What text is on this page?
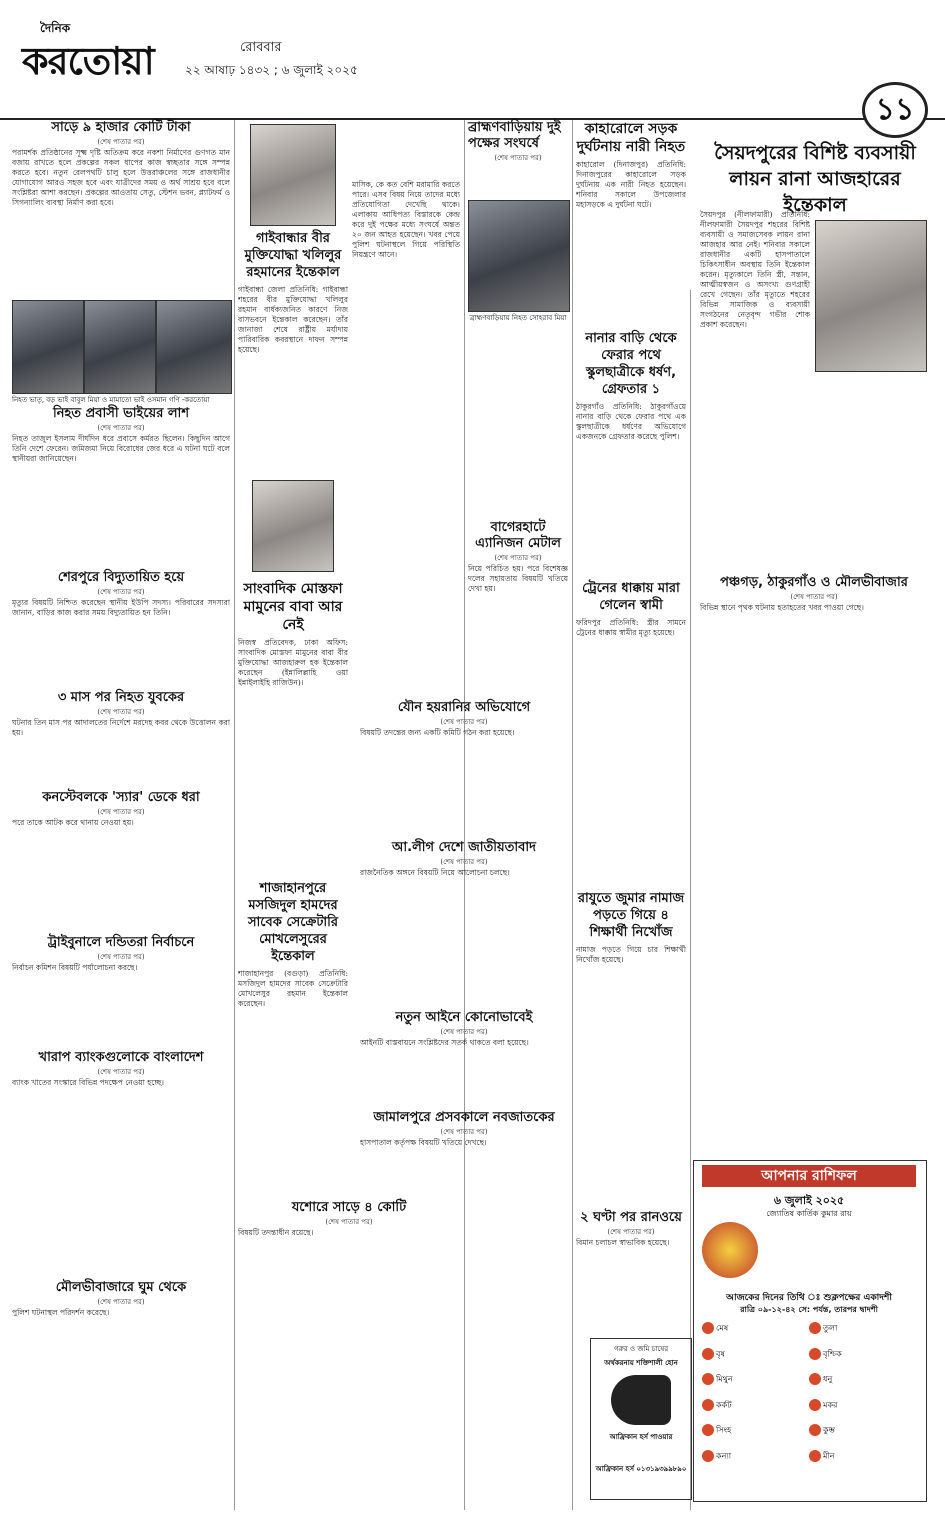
দৈনিক
করতোয়া	রোববার
২২ আষাঢ় ১৪৩২ ; ৬ জুলাই ২০২৫
১১
সাড়ে ৯ হাজার কোটি টাকা
(শেষ পাতার পর)
পরামর্শক প্রতিষ্ঠানের সূক্ষ্ম দৃষ্টি অতিক্রম করে নকশা নির্মাণের গুণগত মান বজায় রাখতে হলে প্রকল্পের সকল ধাপের কাজ স্বচ্ছতার সঙ্গে সম্পন্ন করতে হবে। নতুন রেলপথটি চালু হলে উত্তরাঞ্চলের সঙ্গে রাজধানীর যোগাযোগ আরও সহজ হবে এবং যাত্রীদের সময় ও অর্থ সাশ্রয় হবে বলে সংশ্লিষ্টরা আশা করছেন। প্রকল্পের আওতায় সেতু, স্টেশন ভবন, প্ল্যাটফর্ম ও সিগন্যালিং ব্যবস্থা নির্মাণ করা হবে।
নিহত ভাতৃ, বড় ভাই বাবুল মিয়া ও মামাতো ভাই ওসমান গণি -করতোয়া
নিহত প্রবাসী ভাইয়ের লাশ
(শেষ পাতার পর)
নিহত তাজুল ইসলাম দীর্ঘদিন ধরে প্রবাসে কর্মরত ছিলেন। কিছুদিন আগে তিনি দেশে ফেরেন। জমিজমা নিয়ে বিরোধের জের ধরে এ ঘটনা ঘটে বলে স্থানীয়রা জানিয়েছেন।
শেরপুরে বিদ্যুতায়িত হয়ে
(শেষ পাতার পর)
মৃত্যুর বিষয়টি নিশ্চিত করেছেন স্থানীয় ইউপি সদস্য। পরিবারের সদস্যরা জানান, বাড়ির কাজ করার সময় বিদ্যুতায়িত হন তিনি।
৩ মাস পর নিহত যুবকের
(শেষ পাতার পর)
ঘটনার তিন মাস পর আদালতের নির্দেশে মরদেহ কবর থেকে উত্তোলন করা হয়।
কনস্টেবলকে 'স্যার' ডেকে ধরা
(শেষ পাতার পর)
পরে তাকে আটক করে থানায় নেওয়া হয়।
ট্রাইবুনালে দন্ডিতরা নির্বাচনে
(শেষ পাতার পর)
নির্বাচন কমিশন বিষয়টি পর্যালোচনা করছে।
খারাপ ব্যাংকগুলোকে বাংলাদেশ
(শেষ পাতার পর)
ব্যাংক খাতের সংস্কারে বিভিন্ন পদক্ষেপ নেওয়া হচ্ছে।
মৌলভীবাজারে ঘুম থেকে
(শেষ পাতার পর)
পুলিশ ঘটনাস্থল পরিদর্শন করেছে।
গাইবান্ধার বীর মুক্তিযোদ্ধা খলিলুর রহমানের ইন্তেকাল
গাইবান্ধা জেলা প্রতিনিধি: গাইবান্ধা শহরের বীর মুক্তিযোদ্ধা খলিলুর রহমান বার্ধক্যজনিত কারণে নিজ বাসভবনে ইন্তেকাল করেছেন। তাঁর জানাজা শেষে রাষ্ট্রীয় মর্যাদায় পারিবারিক কবরস্থানে দাফন সম্পন্ন হয়েছে।
সাংবাদিক মোস্তফা মামুনের বাবা আর নেই
নিজস্ব প্রতিবেদক, ঢাকা অফিস: সাংবাদিক মোস্তফা মামুনের বাবা বীর মুক্তিযোদ্ধা আজহারুল হক ইন্তেকাল করেছেন (ইন্নালিল্লাহি ওয়া ইন্নাইলাইহি রাজিউন)।
শাজাহানপুরে মসজিদুল হামদের সাবেক সেক্রেটারি মোখলেসুরের ইন্তেকাল
শাজাহানপুর (বগুড়া) প্রতিনিধি: মসজিদুল হামদের সাবেক সেক্রেটারি মোখলেসুর রহমান ইন্তেকাল করেছেন।
মাসিক, কে কত বেশি মরামারি করতে পারে। এসব বিষয় নিয়ে তাদের মধ্যে প্রতিযোগিতা দেখেছি থাকে। এলাকায় আধিপত্য বিস্তারকে কেন্দ্র করে দুই পক্ষের মধ্যে সংঘর্ষে অন্তত ২০ জন আহত হয়েছেন। খবর পেয়ে পুলিশ ঘটনাস্থলে গিয়ে পরিস্থিতি নিয়ন্ত্রণে আনে।
যশোরে সাড়ে ৪ কোটি
(শেষ পাতার পর)
বিষয়টি তদন্তাধীন রয়েছে।
ব্রাহ্মণবাড়িয়ায় দুই পক্ষের সংঘর্ষে
(শেষ পাতার পর)
ব্রাহ্মণবাড়িয়ায় নিহত সোহরাব মিয়া
বাগেরহাটে এ্যানিজন মেটাল
(শেষ পাতার পর)
নিয়ে পরিচিত হয়। পরে বিশেষজ্ঞ দলের সহায়তায় বিষয়টি খতিয়ে দেখা হয়।
যৌন হয়রানির অভিযোগে
(শেষ পাতার পর)
বিষয়টি তদন্তের জন্য একটি কমিটি গঠন করা হয়েছে।
আ.লীগ দেশে জাতীয়তাবাদ
(শেষ পাতার পর)
রাজনৈতিক অঙ্গনে বিষয়টি নিয়ে আলোচনা চলছে।
নতুন আইনে কোনোভাবেই
(শেষ পাতার পর)
আইনটি বাস্তবায়নে সংশ্লিষ্টদের সতর্ক থাকতে বলা হয়েছে।
জামালপুরে প্রসবকালে নবজাতকের
(শেষ পাতার পর)
হাসপাতাল কর্তৃপক্ষ বিষয়টি খতিয়ে দেখছে।
কাহারোলে সড়ক দুর্ঘটনায় নারী নিহত
কাহারোল (দিনাজপুর) প্রতিনিধি: দিনাজপুরের কাহারোলে সড়ক দুর্ঘটনায় এক নারী নিহত হয়েছেন। শনিবার সকালে উপজেলার মহাসড়কে এ দুর্ঘটনা ঘটে।
নানার বাড়ি থেকে ফেরার পথে স্কুলছাত্রীকে ধর্ষণ, গ্রেফতার ১
ঠাকুরগাঁও প্রতিনিধি: ঠাকুরগাঁওয়ে নানার বাড়ি থেকে ফেরার পথে এক স্কুলছাত্রীকে ধর্ষণের অভিযোগে একজনকে গ্রেফতার করেছে পুলিশ।
ট্রেনের ধাক্কায় মারা গেলেন স্বামী
ফরিদপুর প্রতিনিধি: স্ত্রীর সামনে ট্রেনের ধাক্কায় স্বামীর মৃত্যু হয়েছে।
রাযুতে জুমার নামাজ পড়তে গিয়ে ৪ শিক্ষার্থী নিখোঁজ
নামাজ পড়তে গিয়ে চার শিক্ষার্থী নিখোঁজ হয়েছে।
২ ঘণ্টা পর রানওয়ে
(শেষ পাতার পর)
বিমান চলাচল স্বাভাবিক হয়েছে।
গরুর ও জমি চাষের
অর্থকরনায় শক্তিশালী হোন
আফ্রিকান হর্স পাওয়ার
আফ্রিকান হর্স ০১৩১৯৩৯৯৮৯০
সৈয়দপুরের বিশিষ্ট ব্যবসায়ী লায়ন রানা আজহারের ইন্তেকাল
সৈয়দপুর (নীলফামারী) প্রতিনিধি: নীলফামারী সৈয়দপুর শহরের বিশিষ্ট ব্যবসায়ী ও সমাজসেবক লায়ন রানা আজহার আর নেই। শনিবার সকালে রাজধানীর একটি হাসপাতালে চিকিৎসাধীন অবস্থায় তিনি ইন্তেকাল করেন। মৃত্যুকালে তিনি স্ত্রী, সন্তান, আত্মীয়স্বজন ও অসংখ্য গুণগ্রাহী রেখে গেছেন। তাঁর মৃত্যুতে শহরের বিভিন্ন সামাজিক ও ব্যবসায়ী সংগঠনের নেতৃবৃন্দ গভীর শোক প্রকাশ করেছেন।
পঞ্চগড়, ঠাকুরগাঁও ও মৌলভীবাজার
(শেষ পাতার পর)
বিভিন্ন স্থানে পৃথক ঘটনায় হতাহতের খবর পাওয়া গেছে।
আপনার রাশিফল
৬ জুলাই ২০২৫
জ্যোতিষ কার্তিক কুমার রায়
আজকের দিনের তিথি ঃ শুক্লপক্ষের একাদশী
রাত্রি ০৯-১২-৪২ সে: পর্যন্ত, তারপর দ্বাদশী
মেষ	তুলা
বৃষ	বৃশ্চিক
মিথুন	ধনু
কর্কট	মকর
সিংহ	কুম্ভ
কন্যা	মীন
